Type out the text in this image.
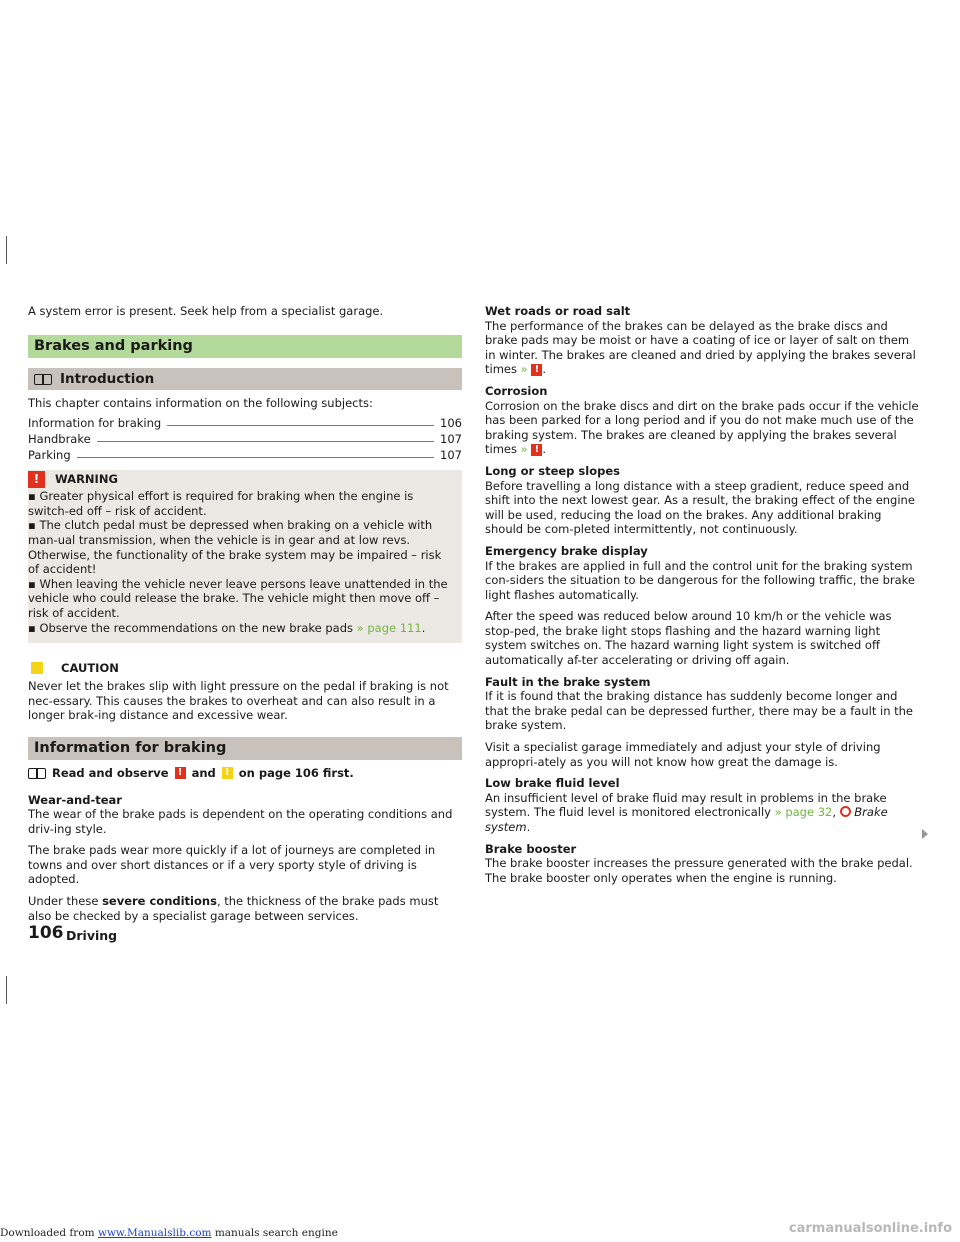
A system error is present. Seek help from a specialist garage.

Brakes and parking
Introduction

This chapter contains information on the following subjects:

Information for braking	106
Handbrake	107
Parking	107
!	WARNING
▪ Greater physical effort is required for braking when the engine is switch-ed off – risk of accident.
▪ The clutch pedal must be depressed when braking on a vehicle with man-ual transmission, when the vehicle is in gear and at low revs. Otherwise, the functionality of the brake system may be impaired – risk of accident!
▪ When leaving the vehicle never leave persons leave unattended in the vehicle who could release the brake. The vehicle might then move off – risk of accident.
▪ Observe the recommendations on the new brake pads » page 111.
CAUTION

Never let the brakes slip with light pressure on the pedal if braking is not nec-essary. This causes the brakes to overheat and can also result in a longer brak-ing distance and excessive wear.

Information for braking
Read and observe ! and ! on page 106 first.
Wear-and-tear

The wear of the brake pads is dependent on the operating conditions and driv-ing style.

The brake pads wear more quickly if a lot of journeys are completed in towns and over short distances or if a very sporty style of driving is adopted.

Under these severe conditions, the thickness of the brake pads must also be checked by a specialist garage between services.

Wet roads or road salt

The performance of the brakes can be delayed as the brake discs and brake pads may be moist or have a coating of ice or layer of salt on them in winter. The brakes are cleaned and dried by applying the brakes several times » ! .

Corrosion

Corrosion on the brake discs and dirt on the brake pads occur if the vehicle has been parked for a long period and if you do not make much use of the braking system. The brakes are cleaned by applying the brakes several times » ! .

Long or steep slopes

Before travelling a long distance with a steep gradient, reduce speed and shift into the next lowest gear. As a result, the braking effect of the engine will be used, reducing the load on the brakes. Any additional braking should be com-pleted intermittently, not continuously.

Emergency brake display

If the brakes are applied in full and the control unit for the braking system con-siders the situation to be dangerous for the following traffic, the brake light flashes automatically.

After the speed was reduced below around 10 km/h or the vehicle was stop-ped, the brake light stops flashing and the hazard warning light system switches on. The hazard warning light system is switched off automatically af-ter accelerating or driving off again.

Fault in the brake system

If it is found that the braking distance has suddenly become longer and that the brake pedal can be depressed further, there may be a fault in the brake system.

Visit a specialist garage immediately and adjust your style of driving appropri-ately as you will not know how great the damage is.

Low brake fluid level

An insufficient level of brake fluid may result in problems in the brake system. The fluid level is monitored electronically » page 32,  Brake system.

Brake booster

The brake booster increases the pressure generated with the brake pedal. The brake booster only operates when the engine is running.

106 Driving
Downloaded from www.Manualslib.com manuals search engine	carmanualsonline.info
